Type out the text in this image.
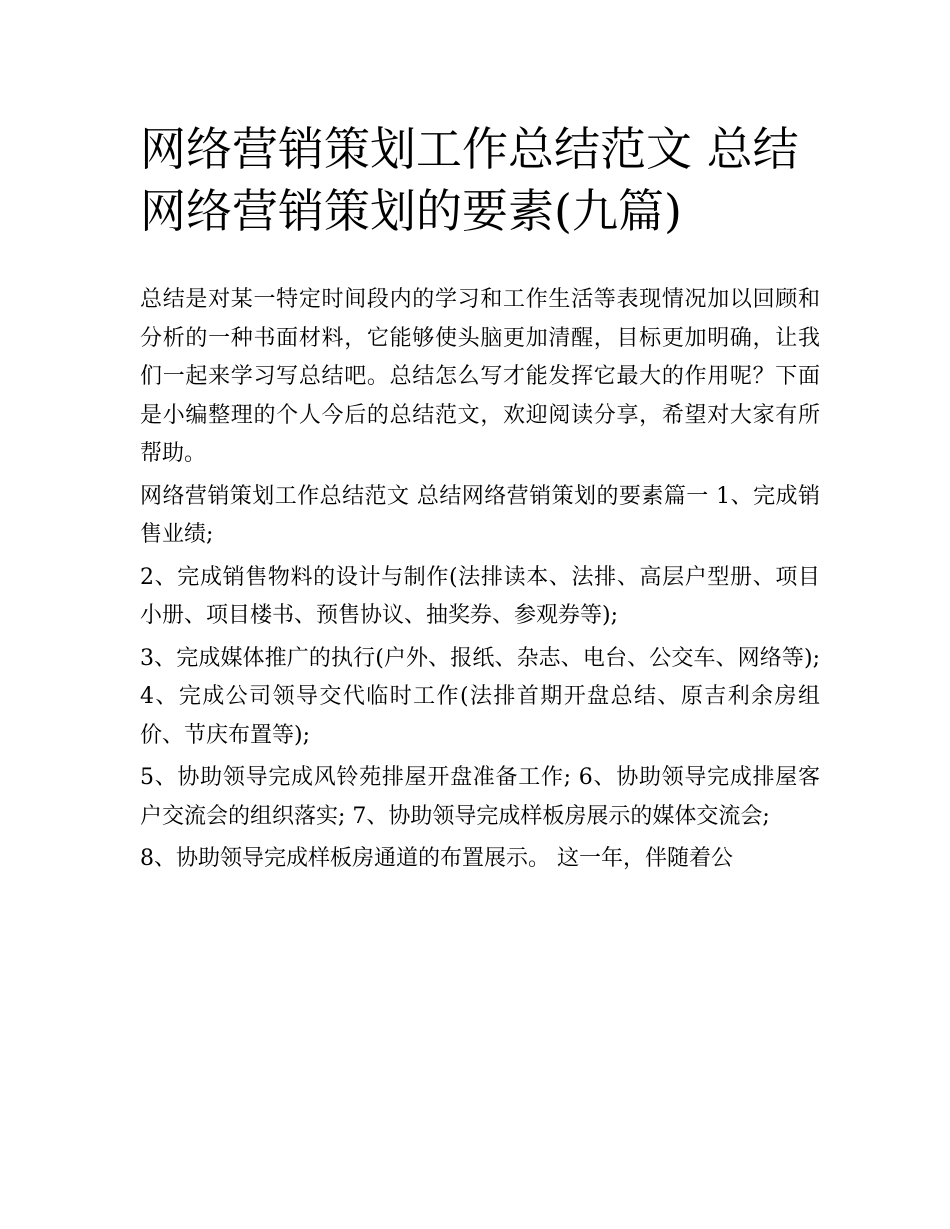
网络营销策划工作总结范文 总结网络营销策划的要素(九篇)

总结是对某一特定时间段内的学习和工作生活等表现情况加以回顾和分析的一种书面材料，它能够使头脑更加清醒，目标更加明确，让我们一起来学习写总结吧。总结怎么写才能发挥它最大的作用呢？下面是小编整理的个人今后的总结范文，欢迎阅读分享，希望对大家有所帮助。

网络营销策划工作总结范文 总结网络营销策划的要素篇一 1、完成销售业绩;

2、完成销售物料的设计与制作(法排读本、法排、高层户型册、项目小册、项目楼书、预售协议、抽奖券、参观券等);

3、完成媒体推广的执行(户外、报纸、杂志、电台、公交车、网络等); 4、完成公司领导交代临时工作(法排首期开盘总结、原吉利余房组价、节庆布置等);

5、协助领导完成风铃苑排屋开盘准备工作; 6、协助领导完成排屋客户交流会的组织落实; 7、协助领导完成样板房展示的媒体交流会;

8、协助领导完成样板房通道的布置展示。 这一年，伴随着公
